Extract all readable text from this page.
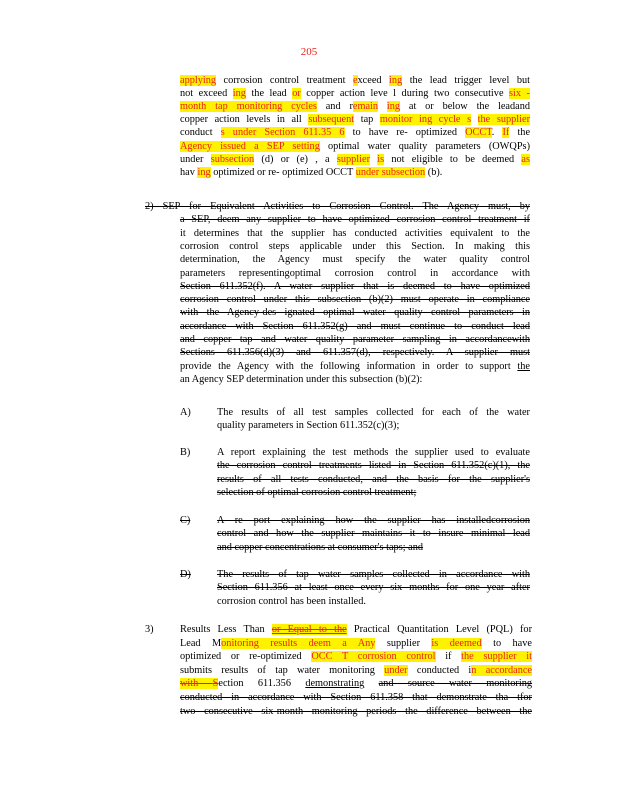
205
applying corrosion control treatment exceed ing the lead trigger level but
not exceed ing the lead or copper action leve l during two consecutive six -
month tap monitoring cycles and remain ing at or below the leadand
copper action levels in all subsequent tap monitor ing cycle s the supplier
conduct s under Section 611.35 6 to have re- optimized OCCT. If the
Agency issued a SEP setting optimal water quality parameters (OWQPs)
under subsection (d) or (e) , a supplier is not eligible to be deemed as
hav ing optimized or re- optimized OCCT under subsection (b).
2) SEP for Equivalent Activities to Corrosion Control. The Agency must, by
a SEP, deem any supplier to have optimized corrosion control treatment if
it determines that the supplier has conducted activities equivalent to the
corrosion control steps applicable under this Section. In making this
determination, the Agency must specify the water quality control
parameters representingoptimal corrosion control in accordance with
Section 611.352(f). A water supplier that is deemed to have optimized
corrosion control under this subsection (b)(2) must operate in compliance
with the Agency-des ignated optimal water quality control parameters in
accordance with Section 611.352(g) and must continue to conduct lead
and copper tap and water quality parameter sampling in accordancewith
Sections 611.356(d)(3) and 611.357(d), respectively. A supplier must
provide the Agency with the following information in order to support the
an Agency SEP determination under this subsection (b)(2):
A)	The results of all test samples collected for each of the water
quality parameters in Section 611.352(c)(3);
B)	A report explaining the test methods the supplier used to evaluate
the corrosion control treatments listed in Section 611.352(c)(1), the
results of all tests conducted, and the basis for the supplier's
selection of optimal corrosion control treatment;
C)	A re port explaining how the supplier has installedcorrosion
control and how the supplier maintains it to insure minimal lead
and copper concentrations at consumer's taps; and
D)	The results of tap water samples collected in accordance with
Section 611.356 at least once every six months for one year after
corrosion control has been installed.
3)	Results Less Than or Equal to the Practical Quantitation Level (PQL) for
Lead Monitoring results deem a Any supplier is deemed to have
optimized or re-optimized OCC T corrosion control if the supplier it
submits results of tap water monitoring under conducted in accordance
with Section 611.356 demonstrating and source water monitoring
conducted in accordance with Section 611.358 that demonstrate tha tfor
two consecutive six-month monitoring periods the difference between the
